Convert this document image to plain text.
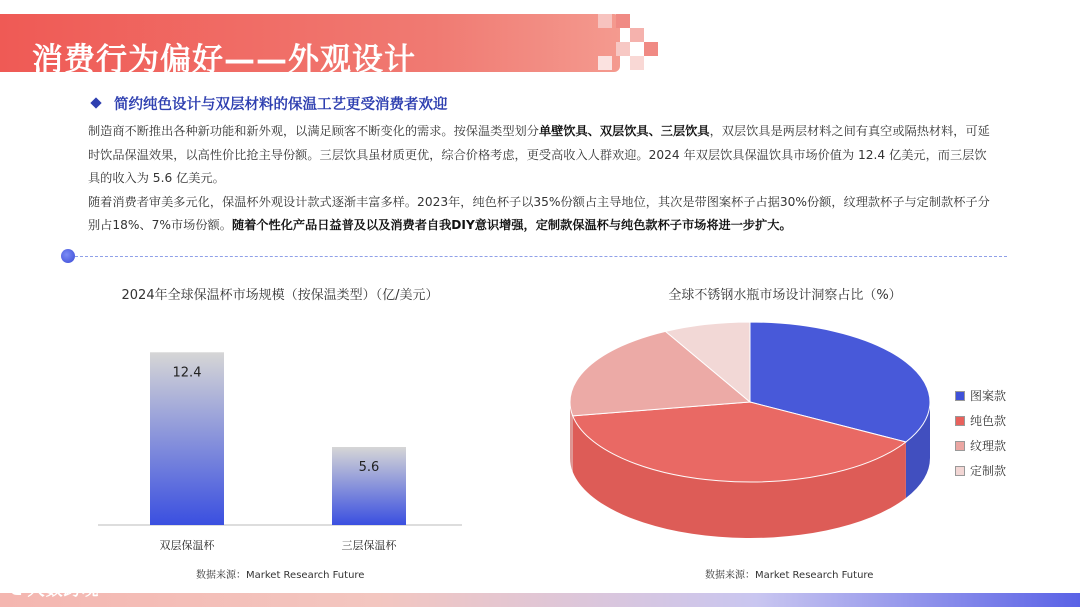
消费行为偏好——外观设计
简约纯色设计与双层材料的保温工艺更受消费者欢迎

制造商不断推出各种新功能和新外观，以满足顾客不断变化的需求。按保温类型划分单壁饮具、双层饮具、三层饮具，双层饮具是两层材料之间有真空或隔热材料，可延时饮品保温效果，以高性价比抢主导份额。三层饮具虽材质更优，综合价格考虑，更受高收入人群欢迎。2024 年双层饮具保温饮具市场价值为 12.4 亿美元，而三层饮具的收入为 5.6 亿美元。

随着消费者审美多元化，保温杯外观设计款式逐渐丰富多样。2023年，纯色杯子以35%份额占主导地位，其次是带图案杯子占据30%份额，纹理款杯子与定制款杯子分别占18%、7%市场份额。随着个性化产品日益普及以及消费者自我DIY意识增强，定制款保温杯与纯色款杯子市场将进一步扩大。

2024年全球保温杯市场规模（按保温类型）（亿/美元）
12.4
双层保温杯
5.6
三层保温杯
数据来源：Market Research Future
全球不锈钢水瓶市场设计洞察占比（%）
图案款
纯色款
纹理款
定制款
数据来源：Market Research Future
ᗡ 大数跨境
